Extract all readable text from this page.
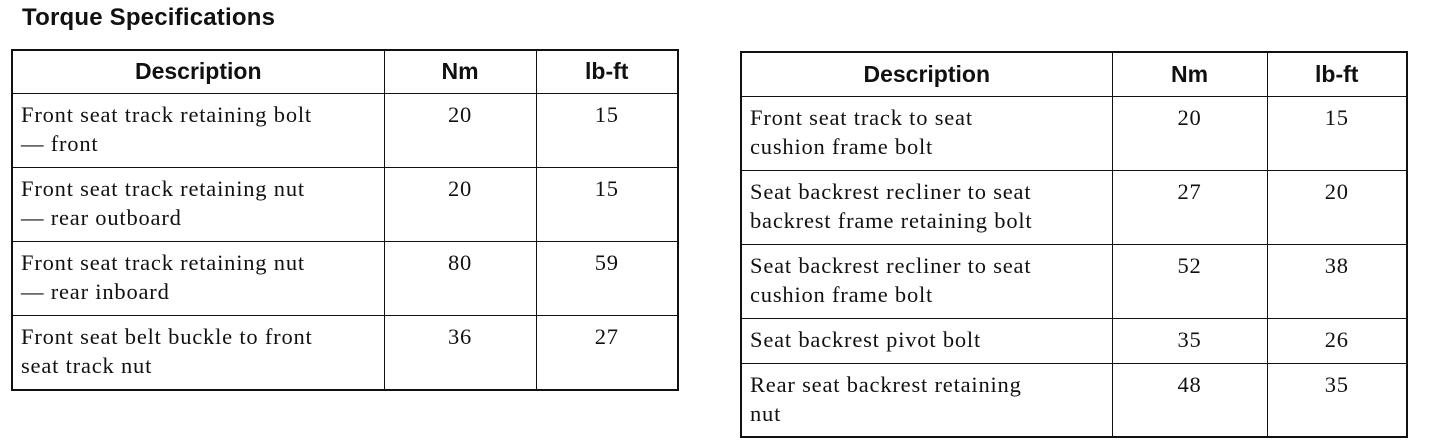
Torque Specifications
Description	Nm	lb-ft
Front seat track retaining bolt
— front	20	15
Front seat track retaining nut
— rear outboard	20	15
Front seat track retaining nut
— rear inboard	80	59
Front seat belt buckle to front
seat track nut	36	27
Description	Nm	lb-ft
Front seat track to seat
cushion frame bolt	20	15
Seat backrest recliner to seat
backrest frame retaining bolt	27	20
Seat backrest recliner to seat
cushion frame bolt	52	38
Seat backrest pivot bolt	35	26
Rear seat backrest retaining
nut	48	35
